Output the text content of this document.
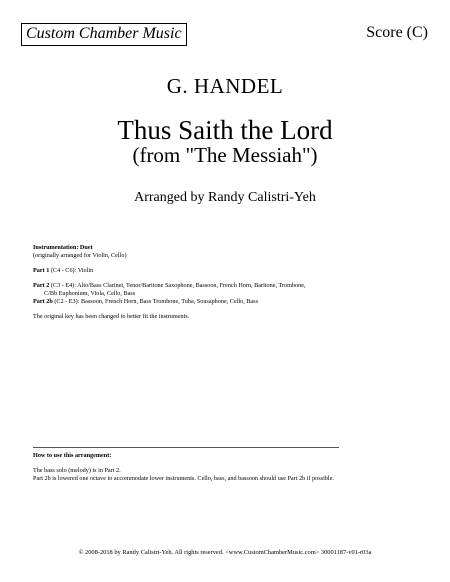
Custom Chamber Music	Score (C)
G. HANDEL
Thus Saith the Lord
(from "The Messiah")
Arranged by Randy Calistri-Yeh
Instrumentation: Duet
(originally arranged for Violin, Cello)
Part 1 (C4 - C6): Violin
Part 2 (C3 - E4): Alto/Bass Clarinet, Tenor/Baritone Saxophone, Bassoon, French Horn, Baritone, Trombone,
C/Bb Euphonium, Viola, Cello, Bass
Part 2b (C2 - E3): Bassoon, French Horn, Bass Trombone, Tuba, Sousaphone, Cello, Bass
The original key has been changed to better fit the instruments.
How to use this arrangement:
The bass solo (melody) is in Part 2.
Part 2b is lowered one octave to accommodate lower instruments. Cello, bass, and bassoon should use Part 2b if possible.
© 2008-2018 by Randy Calistri-Yeh. All rights reserved. <www.CustomChamberMusic.com> 30001187-v01-r03a
